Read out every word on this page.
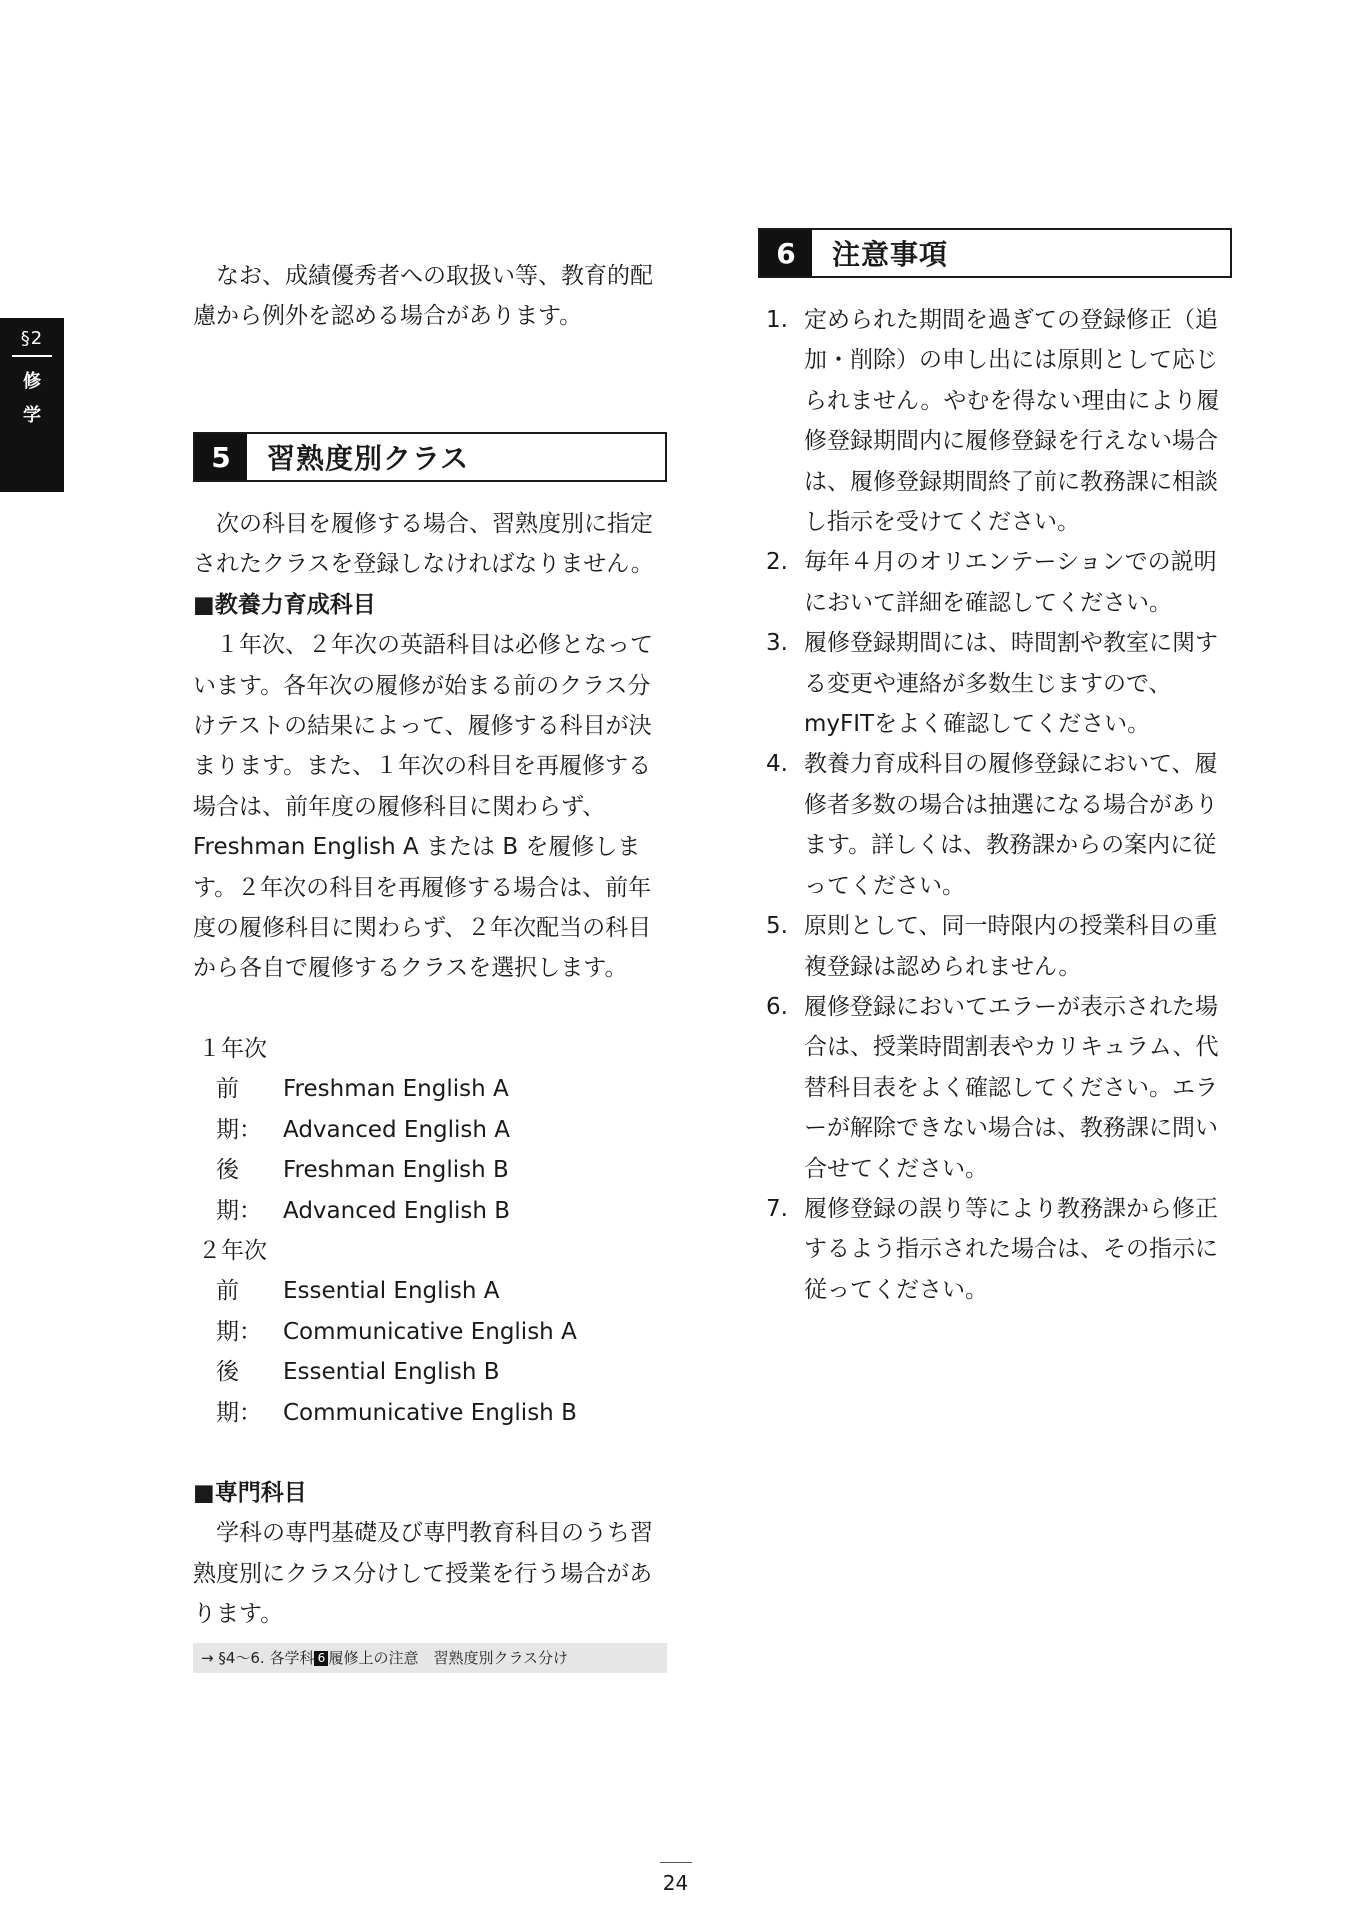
§2
修
学

なお、成績優秀者への取扱い等、教育的配慮から例外を認める場合があります。

5	習熟度別クラス

次の科目を履修する場合、習熟度別に指定されたクラスを登録しなければなりません。

■教養力育成科目

１年次、２年次の英語科目は必修となっています。各年次の履修が始まる前のクラス分けテストの結果によって、履修する科目が決まります。また、１年次の科目を再履修する場合は、前年度の履修科目に関わらず、Freshman English A または B を履修します。２年次の科目を再履修する場合は、前年度の履修科目に関わらず、２年次配当の科目から各自で履修するクラスを選択します。

１年次

前期：
Freshman English A
Advanced English A
後期：
Freshman English B
Advanced English B

２年次

前期：
Essential English A
Communicative English A
後期：
Essential English B
Communicative English B

■専門科目

学科の専門基礎及び専門教育科目のうち習熟度別にクラス分けして授業を行う場合があります。

→ §4〜6. 各学科 6 履修上の注意　習熟度別クラス分け
6	注意事項
1. 定められた期間を過ぎての登録修正（追加・削除）の申し出には原則として応じられません。やむを得ない理由により履修登録期間内に履修登録を行えない場合は、履修登録期間終了前に教務課に相談し指示を受けてください。
2. 毎年４月のオリエンテーションでの説明において詳細を確認してください。
3. 履修登録期間には、時間割や教室に関する変更や連絡が多数生じますので、myFITをよく確認してください。
4. 教養力育成科目の履修登録において、履修者多数の場合は抽選になる場合があります。詳しくは、教務課からの案内に従ってください。
5. 原則として、同一時限内の授業科目の重複登録は認められません。
6. 履修登録においてエラーが表示された場合は、授業時間割表やカリキュラム、代替科目表をよく確認してください。エラーが解除できない場合は、教務課に問い合せてください。
7. 履修登録の誤り等により教務課から修正するよう指示された場合は、その指示に従ってください。
24
